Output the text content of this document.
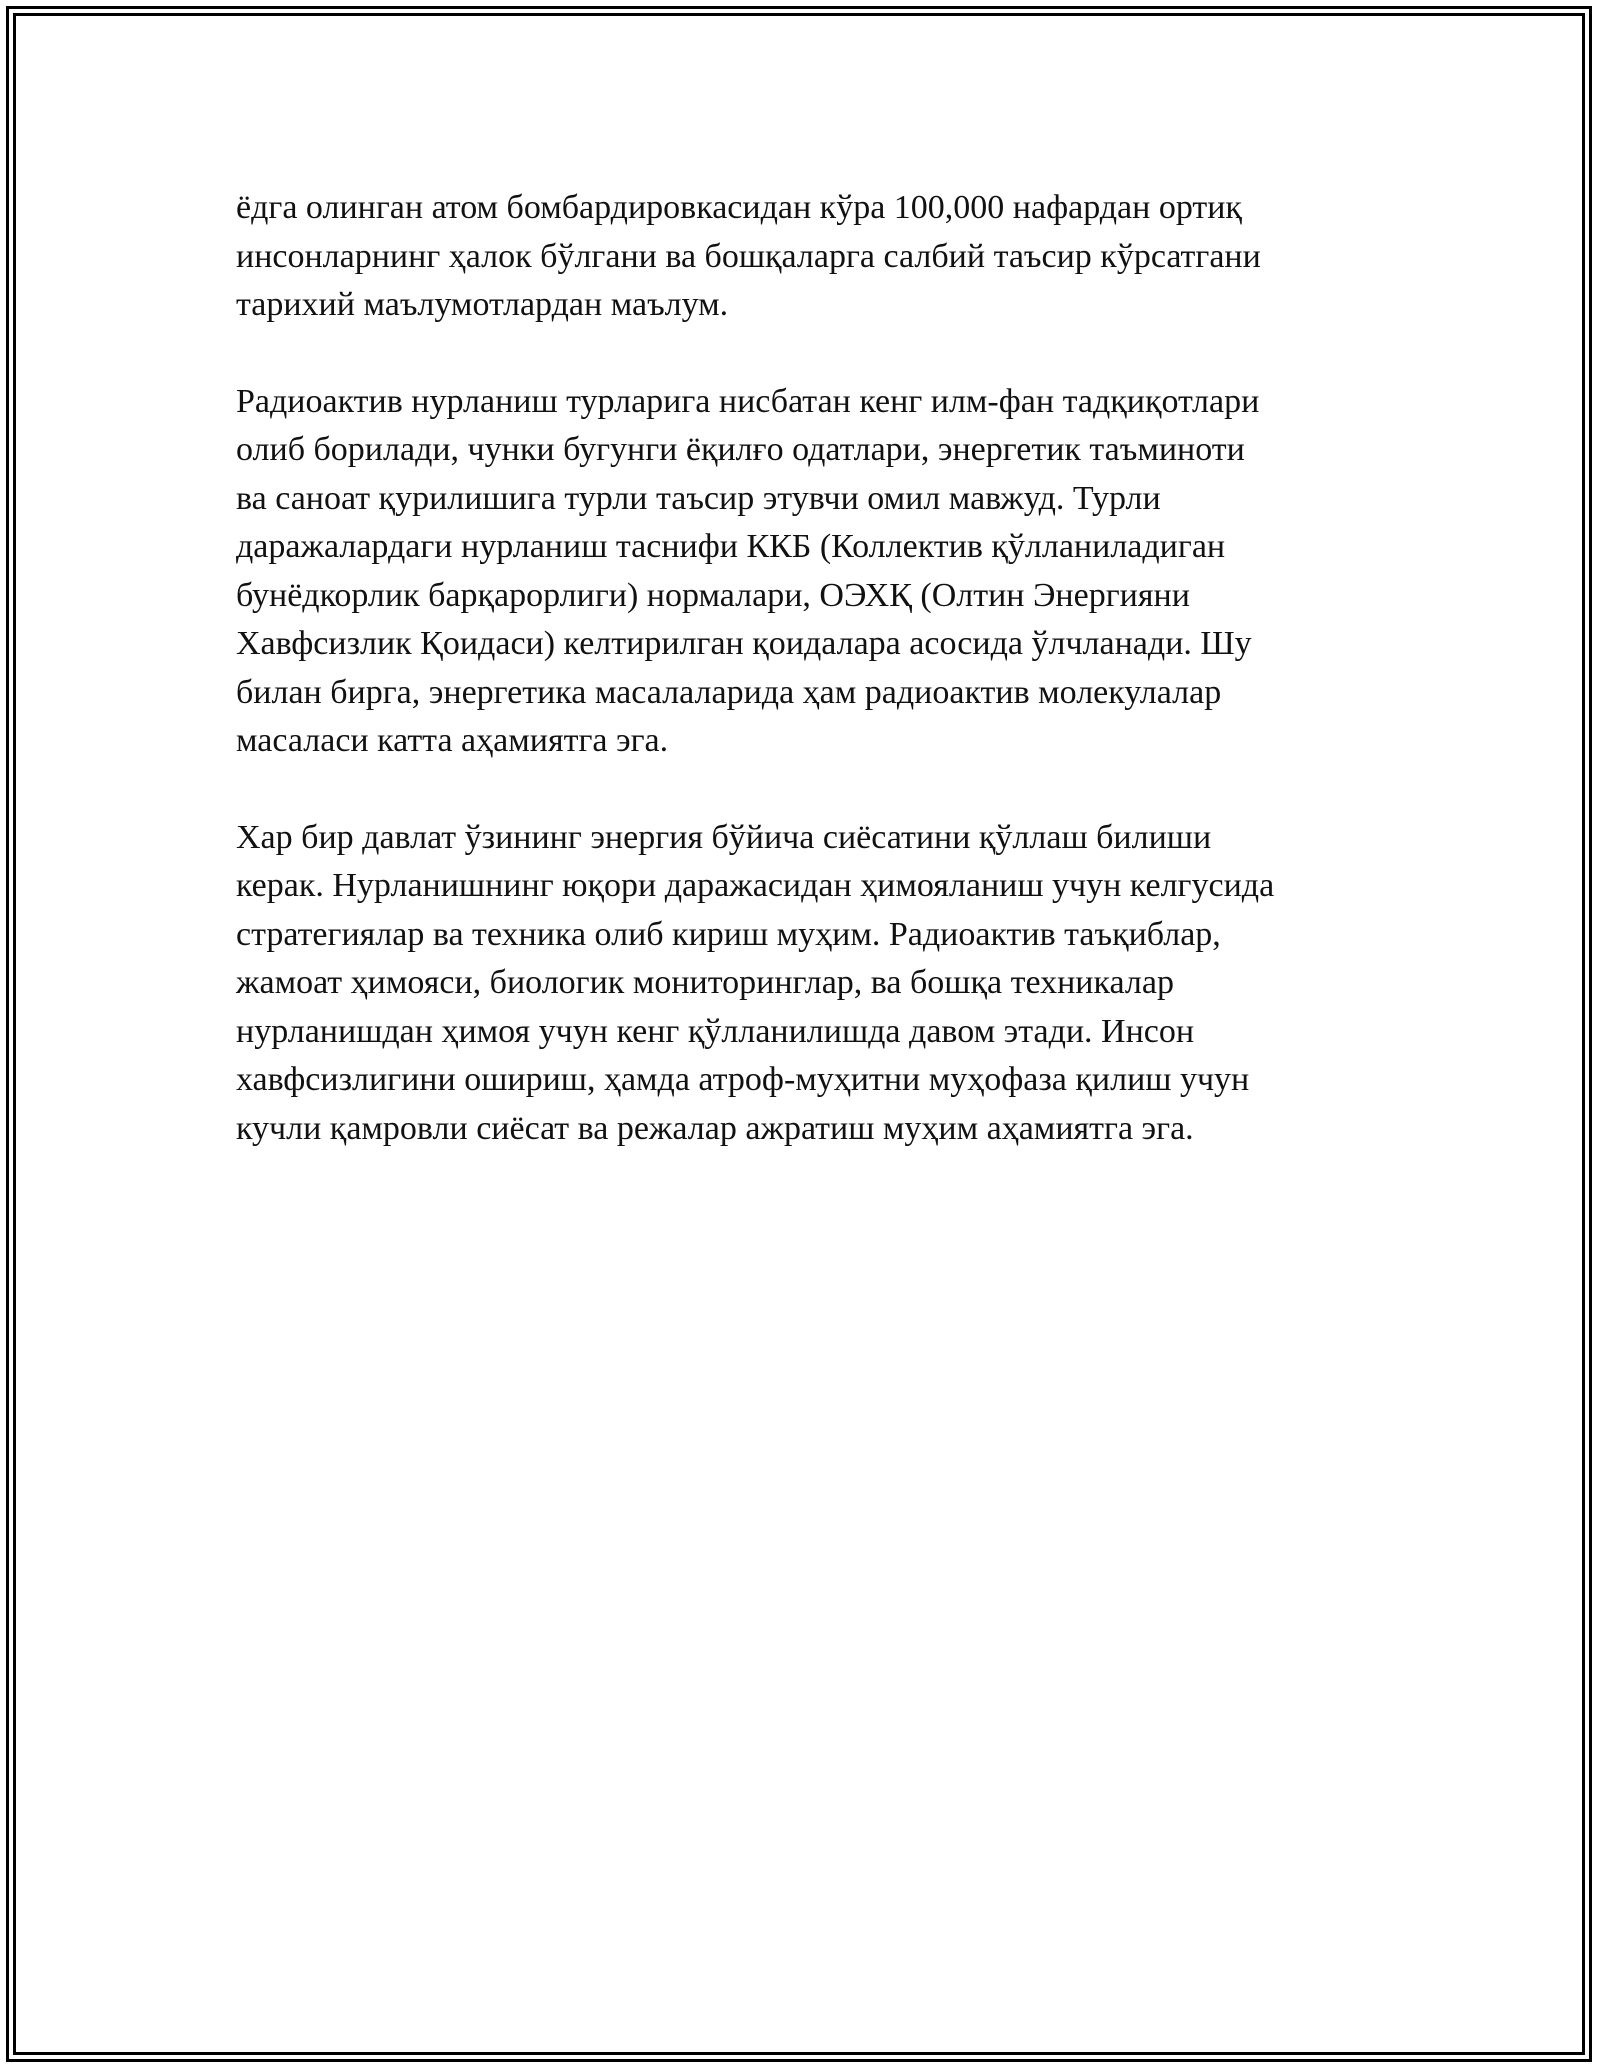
ёдга олинган атом бомбардировкасидан кўра 100,000 нафардан ортиқ
инсонларнинг ҳалок бўлгани ва бошқаларга салбий таъсир кўрсатгани
тарихий маълумотлардан маълум.

Радиоактив нурланиш турларига нисбатан кенг илм-фан тадқиқотлари
олиб борилади, чунки бугунги ёқилғо одатлари, энергетик таъминоти
ва саноат қурилишига турли таъсир этувчи омил мавжуд. Турли
даражалардаги нурланиш таснифи ККБ (Коллектив қўлланиладиган
бунёдкорлик барқарорлиги) нормалари, ОЭХҚ (Олтин Энергияни
Хавфсизлик Қоидаси) келтирилган қоидалара асосида ўлчланади. Шу
билан бирга, энергетика масалаларида ҳам радиоактив молекулалар
масаласи катта аҳамиятга эга.

Хар бир давлат ўзининг энергия бўйича сиёсатини қўллаш билиши
керак. Нурланишнинг юқори даражасидан ҳимояланиш учун келгусида
стратегиялар ва техника олиб кириш муҳим. Радиоактив таъқиблар,
жамоат ҳимояси, биологик мониторинглар, ва бошқа техникалар
нурланишдан ҳимоя учун кенг қўлланилишда давом этади. Инсон
хавфсизлигини ошириш, ҳамда атроф-муҳитни муҳофаза қилиш учун
кучли қамровли сиёсат ва режалар ажратиш муҳим аҳамиятга эга.
